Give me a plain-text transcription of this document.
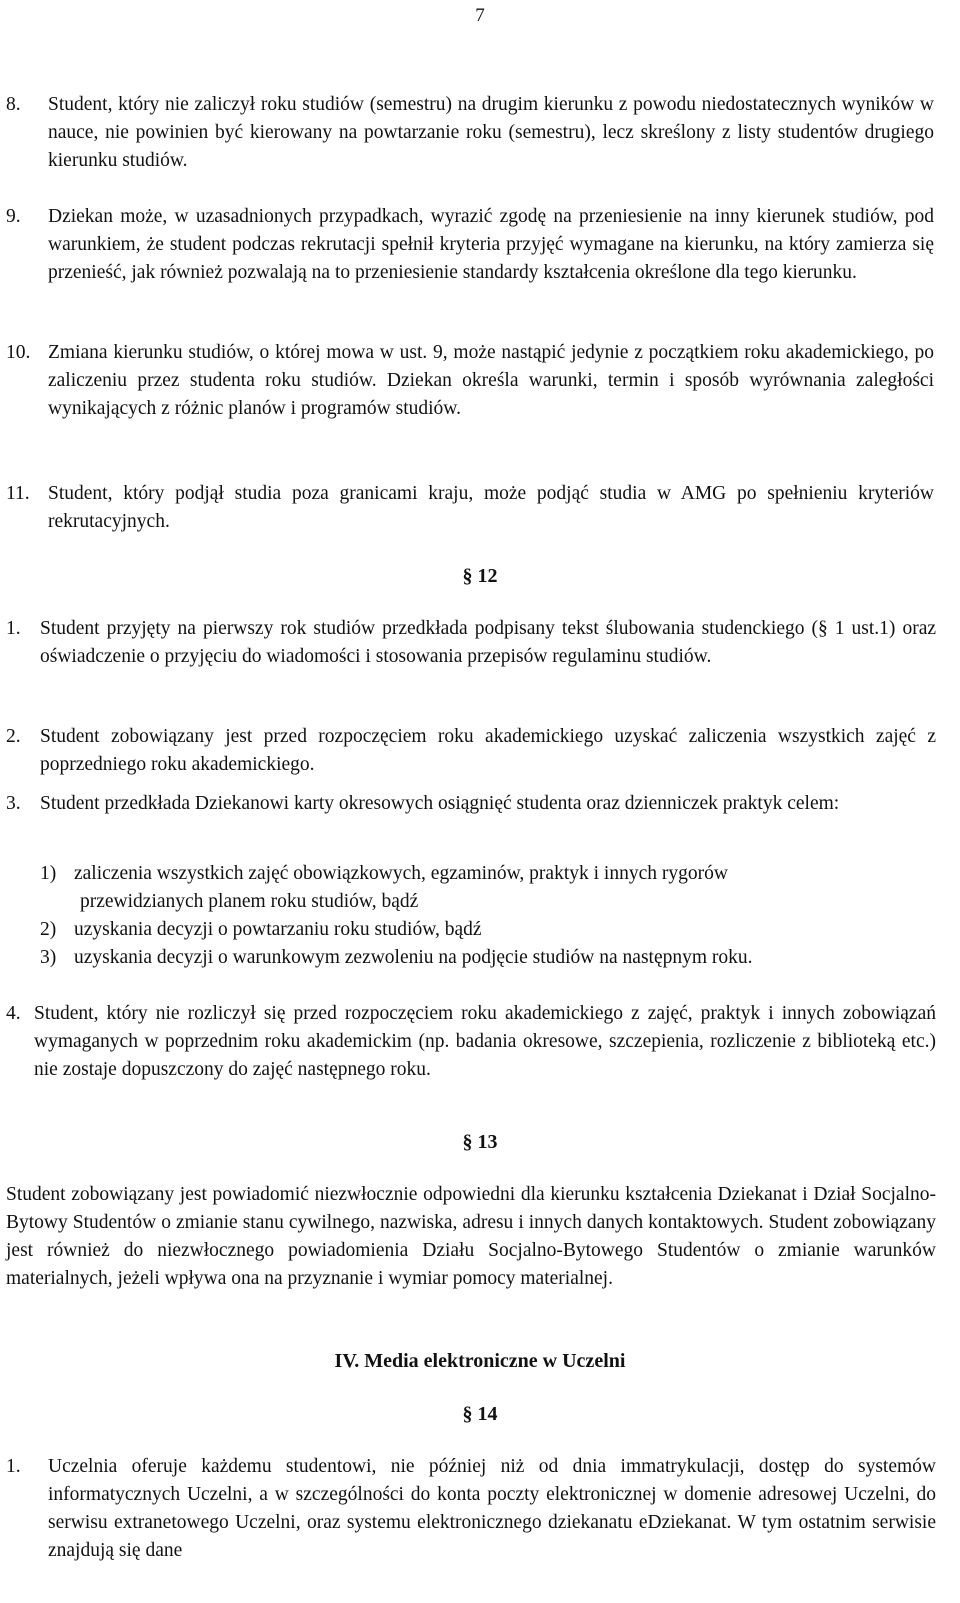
7
8.	Student, który nie zaliczył roku studiów (semestru) na drugim kierunku z powodu niedostatecznych wyników w nauce, nie powinien być kierowany na powtarzanie roku (semestru), lecz skreślony z listy studentów drugiego kierunku studiów.
9.	Dziekan może, w uzasadnionych przypadkach, wyrazić zgodę na przeniesienie na inny kierunek studiów, pod warunkiem, że student podczas rekrutacji spełnił kryteria przyjęć wymagane na kierunku, na który zamierza się przenieść, jak również pozwalają na to przeniesienie standardy kształcenia określone dla tego kierunku.
10. Zmiana kierunku studiów, o której mowa w ust. 9, może nastąpić jedynie z początkiem roku akademickiego, po zaliczeniu przez studenta roku studiów. Dziekan określa warunki, termin i sposób wyrównania zaległości wynikających z różnic planów i programów studiów.
11. Student, który podjął studia poza granicami kraju, może podjąć studia w AMG po spełnieniu kryteriów rekrutacyjnych.
§ 12
1. Student przyjęty na pierwszy rok studiów przedkłada podpisany tekst ślubowania studenckiego (§ 1 ust.1) oraz oświadczenie o przyjęciu do wiadomości i stosowania przepisów regulaminu studiów.
2. Student zobowiązany jest przed rozpoczęciem roku akademickiego uzyskać zaliczenia wszystkich zajęć z poprzedniego roku akademickiego.
3. Student przedkłada Dziekanowi karty okresowych osiągnięć studenta oraz dzienniczek praktyk celem:
1) zaliczenia wszystkich zajęć obowiązkowych, egzaminów, praktyk i innych rygorów
przewidzianych planem roku studiów, bądź
2) uzyskania decyzji o powtarzaniu roku studiów, bądź
3) uzyskania decyzji o warunkowym zezwoleniu na podjęcie studiów na następnym roku.
4. Student, który nie rozliczył się przed rozpoczęciem roku akademickiego z zajęć, praktyk i innych zobowiązań wymaganych w poprzednim roku akademickim (np. badania okresowe, szczepienia, rozliczenie z biblioteką etc.) nie zostaje dopuszczony do zajęć następnego roku.
§ 13
Student zobowiązany jest powiadomić niezwłocznie odpowiedni dla kierunku kształcenia Dziekanat i Dział Socjalno-Bytowy Studentów o zmianie stanu cywilnego, nazwiska, adresu i innych danych kontaktowych. Student zobowiązany jest również do niezwłocznego powiadomienia Działu Socjalno-Bytowego Studentów o zmianie warunków materialnych, jeżeli wpływa ona na przyznanie i wymiar pomocy materialnej.
IV. Media elektroniczne w Uczelni
§ 14
1.	Uczelnia oferuje każdemu studentowi, nie później niż od dnia immatrykulacji, dostęp do systemów informatycznych Uczelni, a w szczególności do konta poczty elektronicznej w domenie adresowej Uczelni, do serwisu extranetowego Uczelni, oraz systemu elektronicznego dziekanatu eDziekanat. W tym ostatnim serwisie znajdują się dane
